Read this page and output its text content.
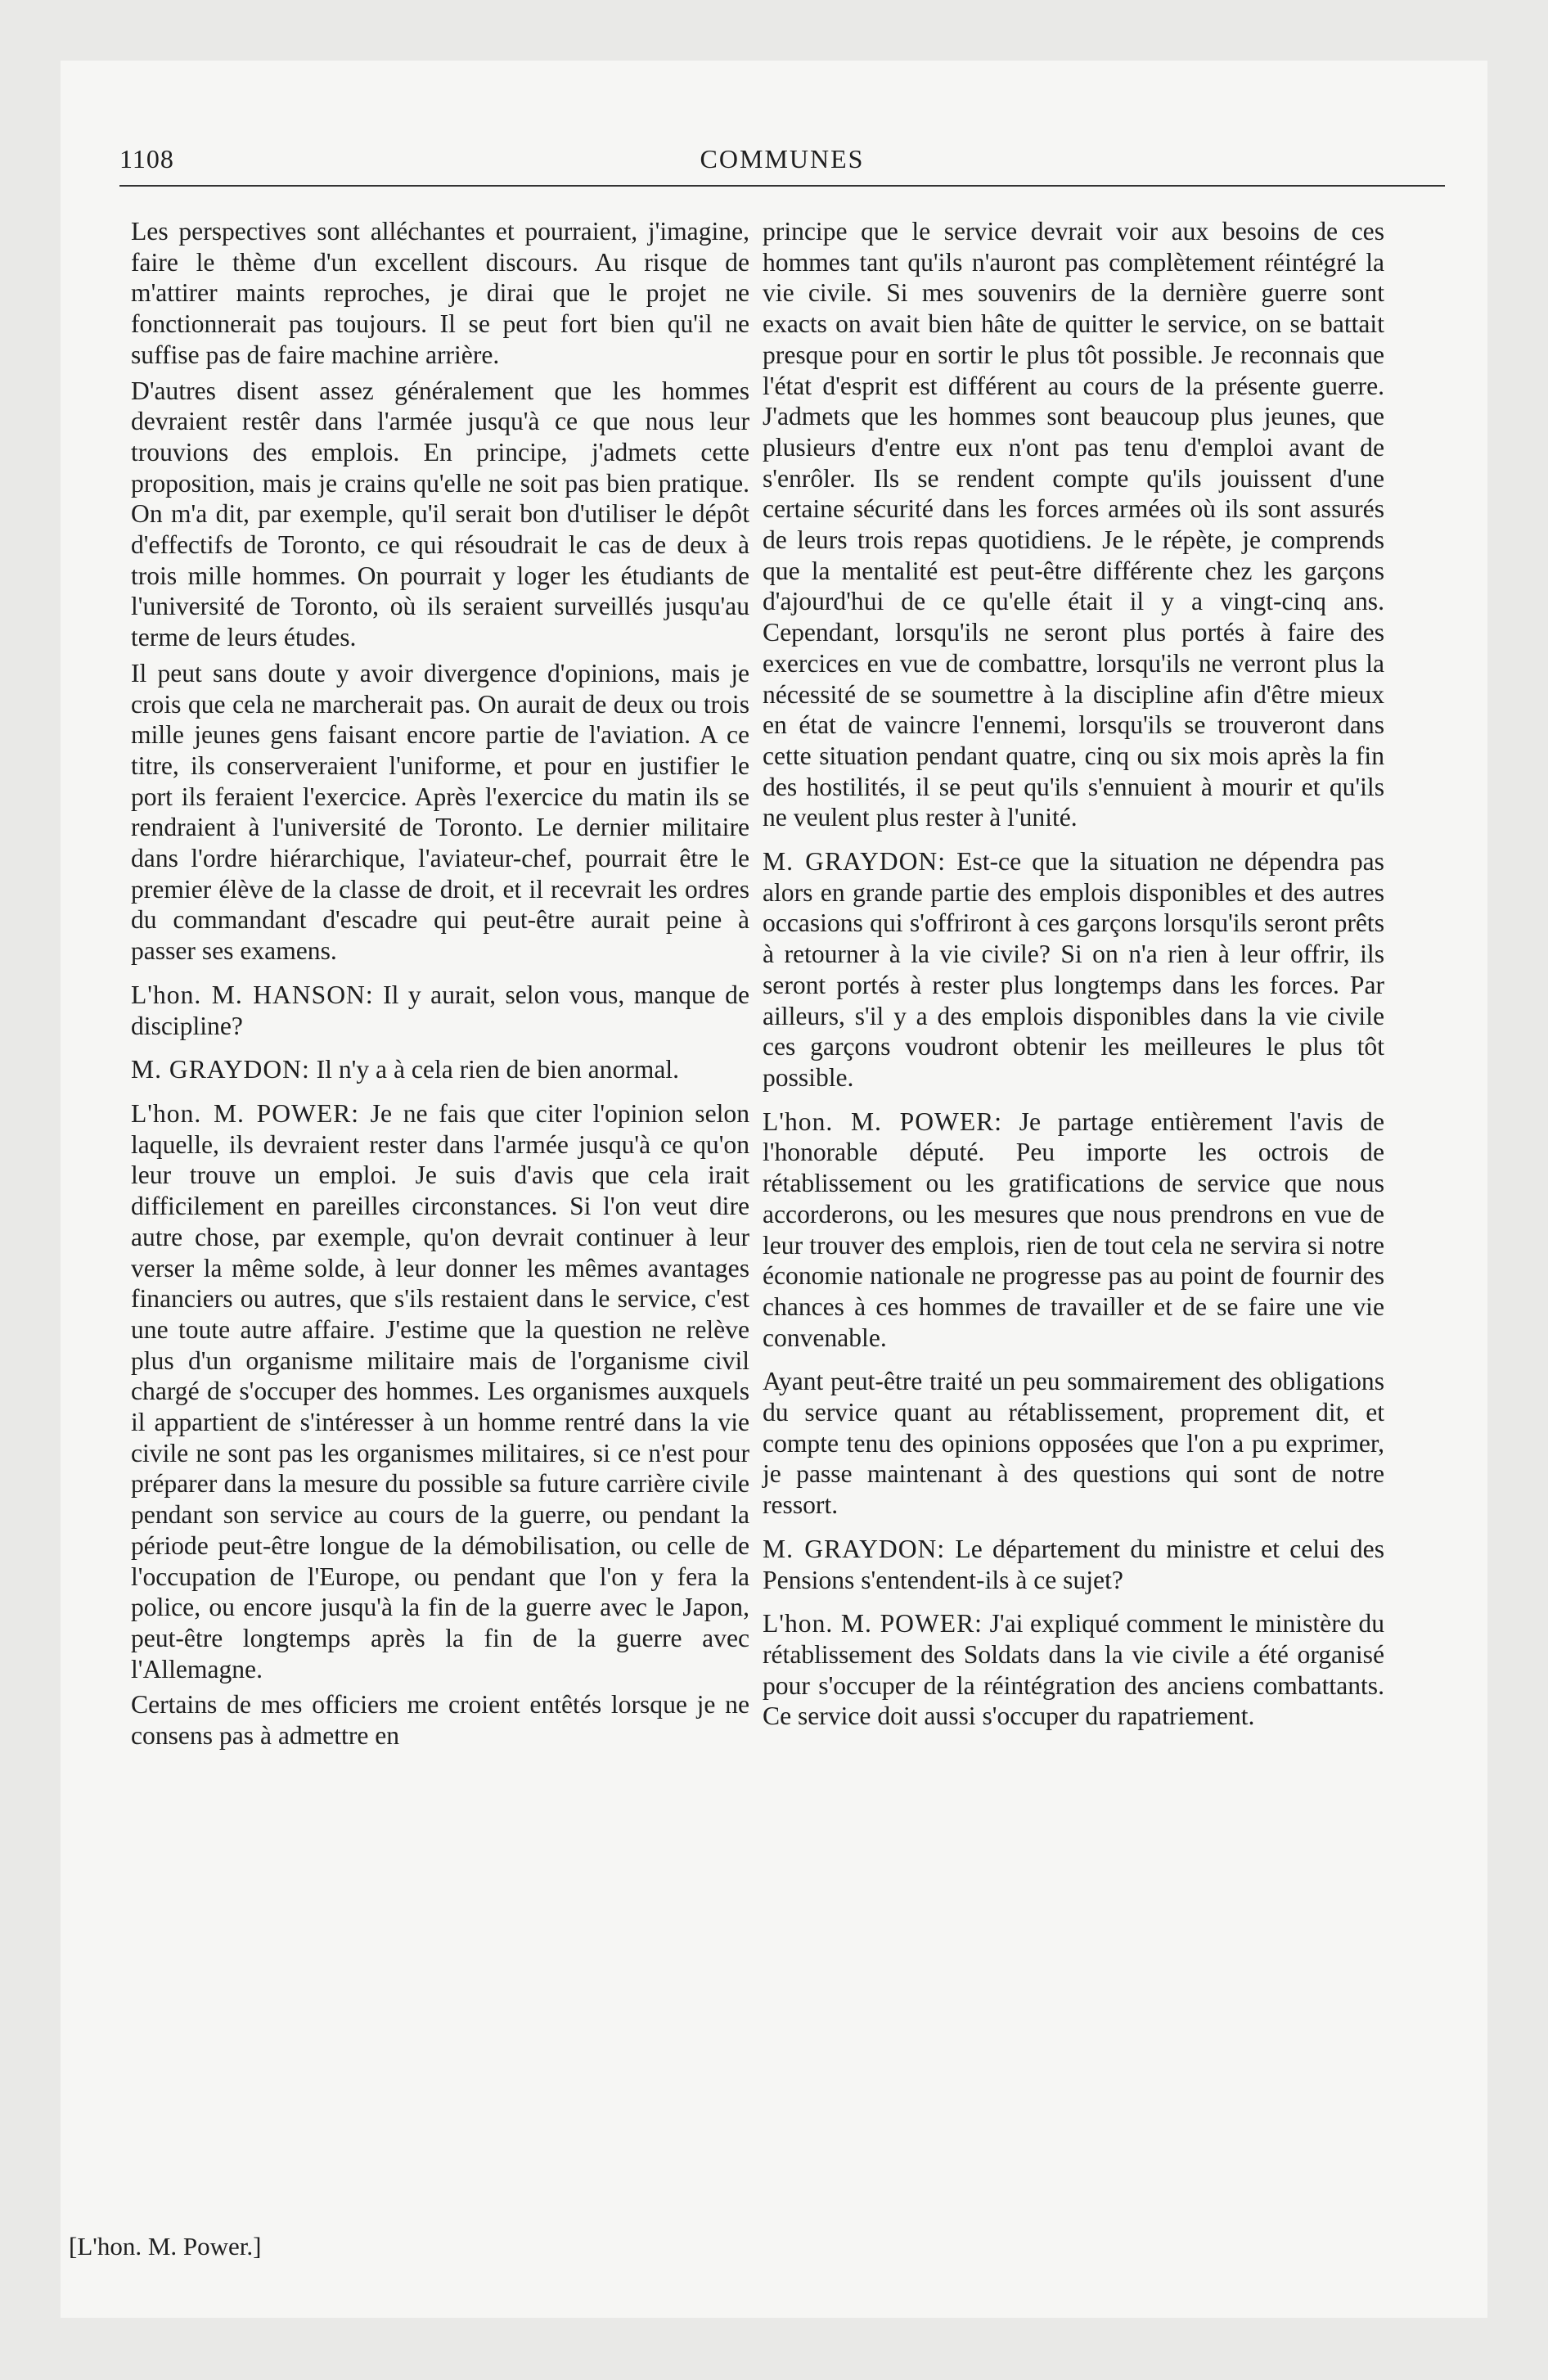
1108	COMMUNES

Les perspectives sont alléchantes et pourraient, j'imagine, faire le thème d'un excellent discours. Au risque de m'attirer maints reproches, je dirai que le projet ne fonctionnerait pas toujours. Il se peut fort bien qu'il ne suffise pas de faire machine arrière.

D'autres disent assez généralement que les hommes devraient restêr dans l'armée jusqu'à ce que nous leur trouvions des emplois. En principe, j'admets cette proposition, mais je crains qu'elle ne soit pas bien pratique. On m'a dit, par exemple, qu'il serait bon d'utiliser le dépôt d'effectifs de Toronto, ce qui résoudrait le cas de deux à trois mille hommes. On pourrait y loger les étudiants de l'université de Toronto, où ils seraient surveillés jusqu'au terme de leurs études.

Il peut sans doute y avoir divergence d'opinions, mais je crois que cela ne marcherait pas. On aurait de deux ou trois mille jeunes gens faisant encore partie de l'aviation. A ce titre, ils conserveraient l'uniforme, et pour en justifier le port ils feraient l'exercice. Après l'exercice du matin ils se rendraient à l'université de Toronto. Le dernier militaire dans l'ordre hiérarchique, l'aviateur-chef, pourrait être le premier élève de la classe de droit, et il recevrait les ordres du commandant d'escadre qui peut-être aurait peine à passer ses examens.

L'hon. M. HANSON: Il y aurait, selon vous, manque de discipline?

M. GRAYDON: Il n'y a à cela rien de bien anormal.

L'hon. M. POWER: Je ne fais que citer l'opinion selon laquelle, ils devraient rester dans l'armée jusqu'à ce qu'on leur trouve un emploi. Je suis d'avis que cela irait difficilement en pareilles circonstances. Si l'on veut dire autre chose, par exemple, qu'on devrait continuer à leur verser la même solde, à leur donner les mêmes avantages financiers ou autres, que s'ils restaient dans le service, c'est une toute autre affaire. J'estime que la question ne relève plus d'un organisme militaire mais de l'organisme civil chargé de s'occuper des hommes. Les organismes auxquels il appartient de s'intéresser à un homme rentré dans la vie civile ne sont pas les organismes militaires, si ce n'est pour préparer dans la mesure du possible sa future carrière civile pendant son service au cours de la guerre, ou pendant la période peut-être longue de la démobilisation, ou celle de l'occupation de l'Europe, ou pendant que l'on y fera la police, ou encore jusqu'à la fin de la guerre avec le Japon, peut-être longtemps après la fin de la guerre avec l'Allemagne.

Certains de mes officiers me croient entêtés lorsque je ne consens pas à admettre en

principe que le service devrait voir aux besoins de ces hommes tant qu'ils n'auront pas complètement réintégré la vie civile. Si mes souvenirs de la dernière guerre sont exacts on avait bien hâte de quitter le service, on se battait presque pour en sortir le plus tôt possible. Je reconnais que l'état d'esprit est différent au cours de la présente guerre. J'admets que les hommes sont beaucoup plus jeunes, que plusieurs d'entre eux n'ont pas tenu d'emploi avant de s'enrôler. Ils se rendent compte qu'ils jouissent d'une certaine sécurité dans les forces armées où ils sont assurés de leurs trois repas quotidiens. Je le répète, je comprends que la mentalité est peut-être différente chez les garçons d'ajourd'hui de ce qu'elle était il y a vingt-cinq ans. Cependant, lorsqu'ils ne seront plus portés à faire des exercices en vue de combattre, lorsqu'ils ne verront plus la nécessité de se soumettre à la discipline afin d'être mieux en état de vaincre l'ennemi, lorsqu'ils se trouveront dans cette situation pendant quatre, cinq ou six mois après la fin des hostilités, il se peut qu'ils s'ennuient à mourir et qu'ils ne veulent plus rester à l'unité.

M. GRAYDON: Est-ce que la situation ne dépendra pas alors en grande partie des emplois disponibles et des autres occasions qui s'offriront à ces garçons lorsqu'ils seront prêts à retourner à la vie civile? Si on n'a rien à leur offrir, ils seront portés à rester plus longtemps dans les forces. Par ailleurs, s'il y a des emplois disponibles dans la vie civile ces garçons voudront obtenir les meilleures le plus tôt possible.

L'hon. M. POWER: Je partage entièrement l'avis de l'honorable député. Peu importe les octrois de rétablissement ou les gratifications de service que nous accorderons, ou les mesures que nous prendrons en vue de leur trouver des emplois, rien de tout cela ne servira si notre économie nationale ne progresse pas au point de fournir des chances à ces hommes de travailler et de se faire une vie convenable.

Ayant peut-être traité un peu sommairement des obligations du service quant au rétablissement, proprement dit, et compte tenu des opinions opposées que l'on a pu exprimer, je passe maintenant à des questions qui sont de notre ressort.

M. GRAYDON: Le département du ministre et celui des Pensions s'entendent-ils à ce sujet?

L'hon. M. POWER: J'ai expliqué comment le ministère du rétablissement des Soldats dans la vie civile a été organisé pour s'occuper de la réintégration des anciens combattants. Ce service doit aussi s'occuper du rapatriement.

[L'hon. M. Power.]
